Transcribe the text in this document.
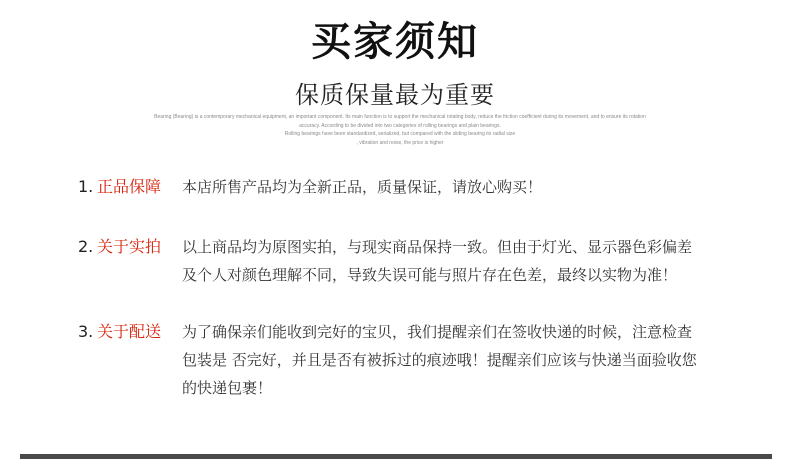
买家须知
保质保量最为重要
Bearing (Bearing) is a contemporary mechanical equipment, an important component. Its main function is to support the mechanical rotating body, reduce the friction coefficient during its movement, and to ensure its rotation
accuracy. According to be divided into two categories of rolling bearings and plain bearings.
Rolling bearings have been standardized, serialized, but compared with the sliding bearing its radial size
, vibration and noise, the price is higher
1. 正品保障 本店所售产品均为全新正品，质量保证，请放心购买！
2. 关于实拍 以上商品均为原图实拍，与现实商品保持一致。但由于灯光、显示器色彩偏差
及个人对颜色理解不同，导致失误可能与照片存在色差，最终以实物为准！
3. 关于配送 为了确保亲们能收到完好的宝贝，我们提醒亲们在签收快递的时候，注意检查
包装是 否完好，并且是否有被拆过的痕迹哦！提醒亲们应该与快递当面验收您
的快递包裹！
